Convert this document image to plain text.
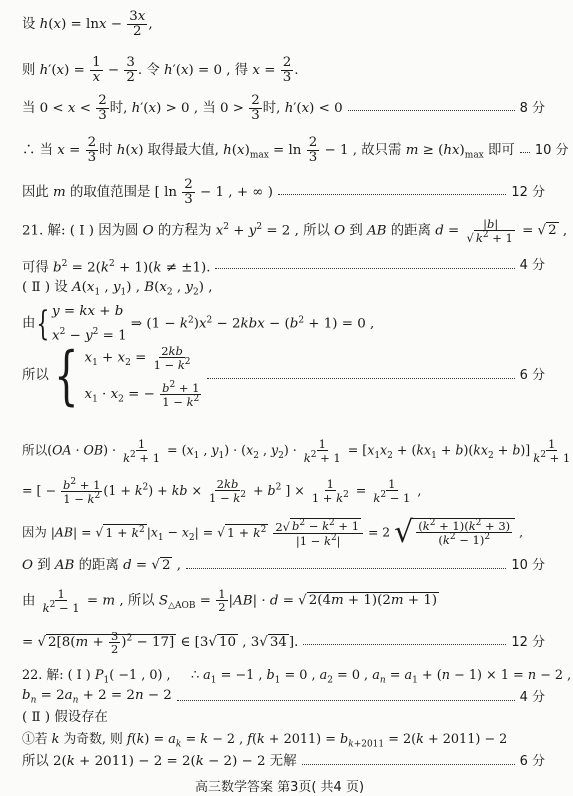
设 $h(x) = \ln x - \frac{3x}{2}$ ,
则 $h'(x) = \frac{1}{x} - \frac{3}{2}$ . 令 h′(x) = 0 , 得 $x = \frac{2}{3}$ .
当 $0 < x < \frac{2}{3}$ 时, h′(x) > 0 , 当 $0 > \frac{2}{3}$ 时, h′(x) < 0	8 分
∴ 当 $x = \frac{2}{3}$ 时 h(x) 取得最大值, $h(x)_{max} = \ln \frac{2}{3} - 1$ , 故只需 $m \ge (hx)_{max}$ 即可 10 分
因此 m 的取值范围是 [ $\ln \frac{2}{3} - 1$ , + ∞ )	12 分
21. 解: ( Ⅰ ) 因为圆 O 的方程为 $x^2 + y^2 = 2$ , 所以 O 到 AB 的距离 $d = \frac{|b|}{√ k^2 + 1}$ = √ 2 ,
可得 $b^2 = 2(k^2 + 1)(k \ne \pm 1)$.	4 分
( Ⅱ ) 设 $A(x_1$ , $y_1$) , $B(x_2$ , $y_2$) ,
由 { y = kx + b
$x^2 - y^2 = 1$
⇒ $(1 - k^2)x^2 - 2kbx - (b^2 + 1) = 0$ ,
所以 { $x_1 + x_2 = \frac{2kb}{1 - k^2}$
$x_1 \cdot x_2$ = − $\frac{b^2 + 1}{1 - k^2}$
6 分
所以$(OA \cdot OB) \cdot \frac{1}{k^2 + 1} = (x_1$ , $y_1) \cdot (x_2$ , $y_2) \cdot \frac{1}{k^2 + 1} = [x_1x_2 + (kx_1 + b)(kx_2 + b)] \frac{1}{k^2 + 1}$
= [ − $\frac{b^2 + 1}{1 - k^2} (1 + k^2)$ + kb × $\frac{2kb}{1 - k^2} + b^2$ ] × $\frac{1}{1 + k^2} = \frac{1}{k^2 - 1}$ ,
因为 |AB| = √ $1 + k^2$ $|x_1 - x_2|$ = √ $1 + k^2 \frac{2√ b^2 - k^2 + 1}{|1 - k^2|} = 2$ √ $\frac{(k^2 + 1)(k^2 + 3)}{(k^2 - 1)^2}$ ,
O 到 AB 的距离 d = √ 2 ,	10 分
由 $\frac{1}{k^2 - 1} = m$ , 所以 $S_{\triangle AOB} = \frac{1}{2} |AB| \cdot d$ = √ 2(4m + 1)(2m + 1)
= √ $2[8(m + \frac{3}{2} )^2 - 17]$ ∈ [3√ 10 , 3√ 34 ].	12 分
22. 解: ( Ⅰ ) $P_1( -1$ , 0) ,     ∴ $a_1 = -1$ , $b_1 = 0$ , $a_2 = 0$ , $a_n = a_1 + (n - 1) \times 1 = n - 2$ ,
$b_n = 2a_n + 2 = 2n - 2$	4 分
( Ⅱ ) 假设存在
①若 k 为奇数, 则 $f(k) = a_k = k - 2$ , $f(k + 2011) = b_{k+2011} = 2(k + 2011) - 2$
所以 2(k + 2011) − 2 = 2(k − 2) − 2 无解	6 分
高三数学答案 第3页( 共4 页)
